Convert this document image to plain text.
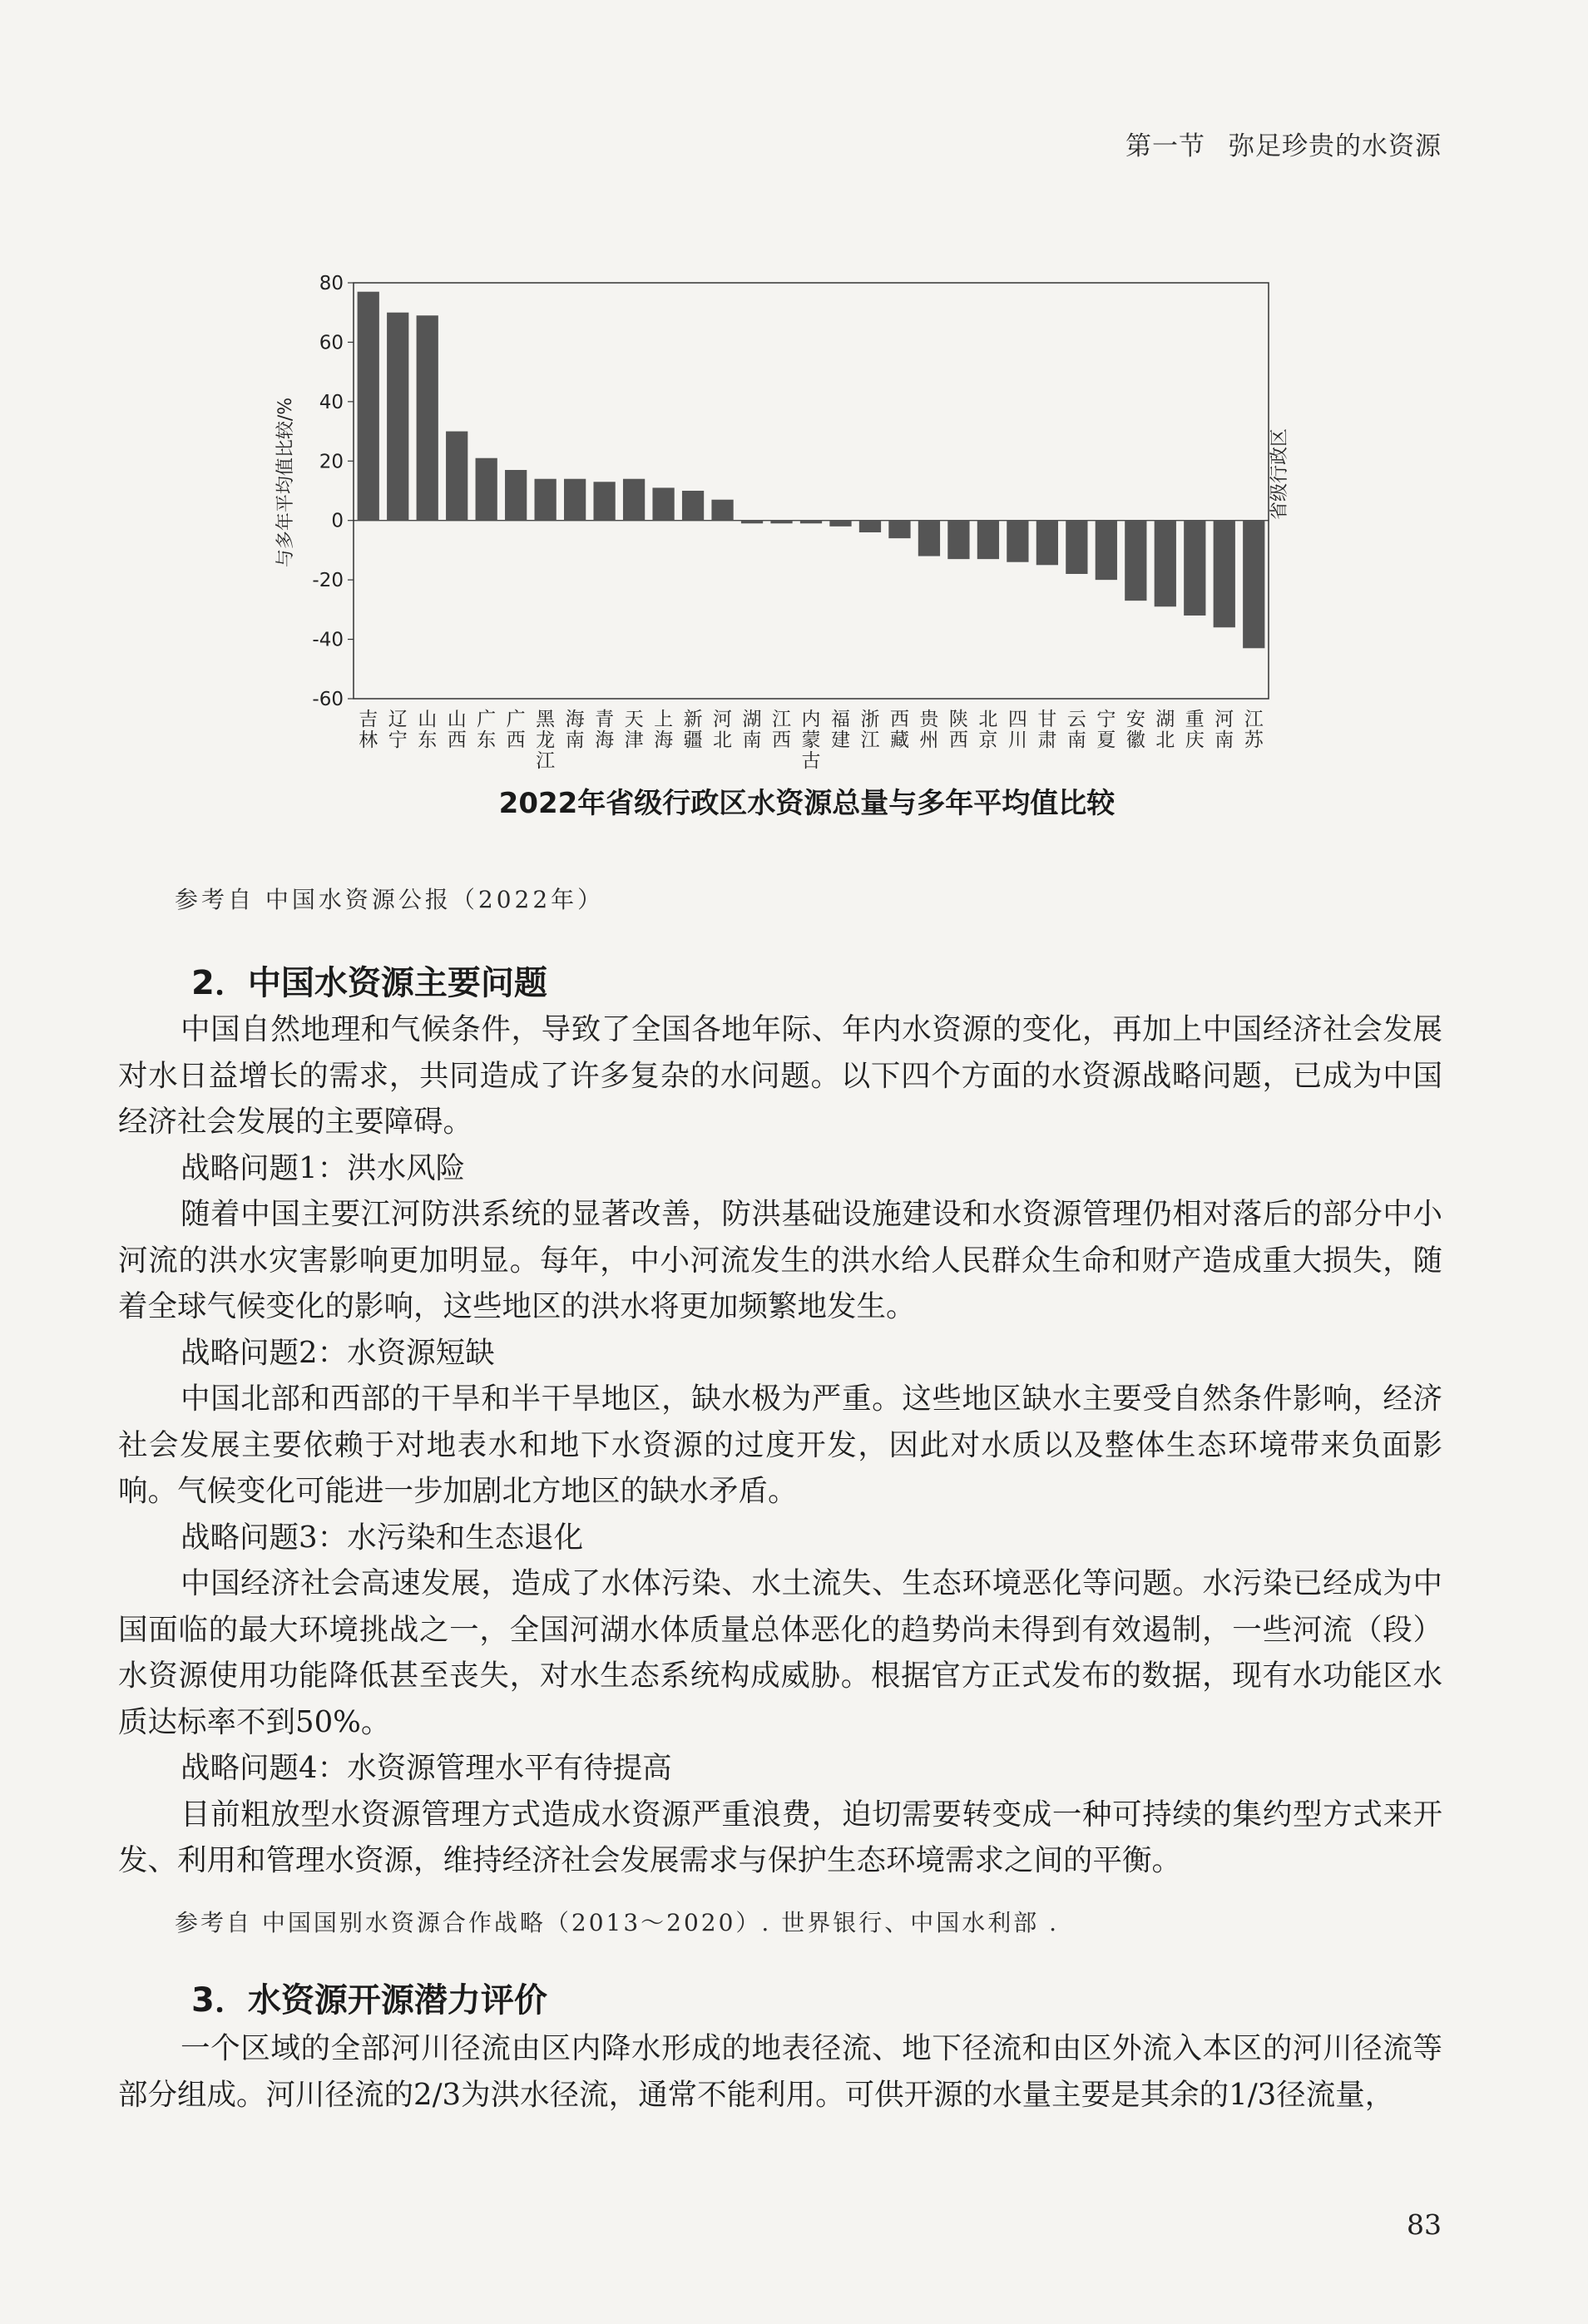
第一节 弥足珍贵的水资源
吉林
辽宁
山东
山西
广东
广西
黑龙江
海南
青海
天津
上海
新疆
河北
湖南
江西
内蒙古
福建
浙江
西藏
贵州
陕西
北京
四川
甘肃
云南
宁夏
安徽
湖北
重庆
河南
江苏
80
60
40
20
0
-20
-40
-60
与多年平均值比较/%	省级行政区
2022年省级行政区水资源总量与多年平均值比较
参考自 中国水资源公报（2022年）
2．中国水资源主要问题

中国自然地理和气候条件，导致了全国各地年际、年内水资源的变化，再加上中国经济社会发展对水日益增长的需求，共同造成了许多复杂的水问题。以下四个方面的水资源战略问题，已成为中国经济社会发展的主要障碍。

战略问题1：洪水风险

随着中国主要江河防洪系统的显著改善，防洪基础设施建设和水资源管理仍相对落后的部分中小河流的洪水灾害影响更加明显。每年，中小河流发生的洪水给人民群众生命和财产造成重大损失，随着全球气候变化的影响，这些地区的洪水将更加频繁地发生。

战略问题2：水资源短缺

中国北部和西部的干旱和半干旱地区，缺水极为严重。这些地区缺水主要受自然条件影响，经济社会发展主要依赖于对地表水和地下水资源的过度开发，因此对水质以及整体生态环境带来负面影响。气候变化可能进一步加剧北方地区的缺水矛盾。

战略问题3：水污染和生态退化

中国经济社会高速发展，造成了水体污染、水土流失、生态环境恶化等问题。水污染已经成为中国面临的最大环境挑战之一，全国河湖水体质量总体恶化的趋势尚未得到有效遏制，一些河流（段）水资源使用功能降低甚至丧失，对水生态系统构成威胁。根据官方正式发布的数据，现有水功能区水质达标率不到50%。

战略问题4：水资源管理水平有待提高

目前粗放型水资源管理方式造成水资源严重浪费，迫切需要转变成一种可持续的集约型方式来开发、利用和管理水资源，维持经济社会发展需求与保护生态环境需求之间的平衡。

参考自 中国国别水资源合作战略（2013～2020）. 世界银行、中国水利部 .
3．水资源开源潜力评价

一个区域的全部河川径流由区内降水形成的地表径流、地下径流和由区外流入本区的河川径流等部分组成。河川径流的2/3为洪水径流，通常不能利用。可供开源的水量主要是其余的1/3径流量，

83
